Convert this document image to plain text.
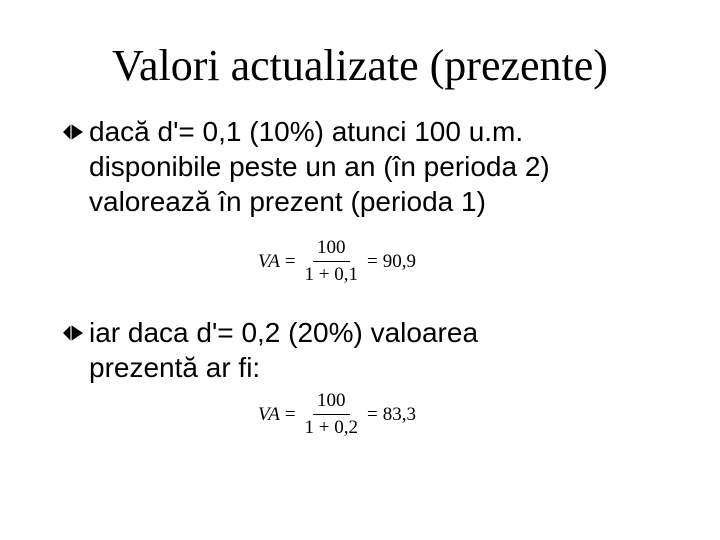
Valori actualizate (prezente)
dacă d'= 0,1 (10%) atunci 100 u.m.
disponibile peste un an (în perioda 2)
valorează în prezent (perioda 1)
VA = $\frac{100}{1 + 0,1} = 90,9$
iar daca d'= 0,2 (20%) valoarea
prezentă ar fi:
VA = $\frac{100}{1 + 0,2} = 83,3$
